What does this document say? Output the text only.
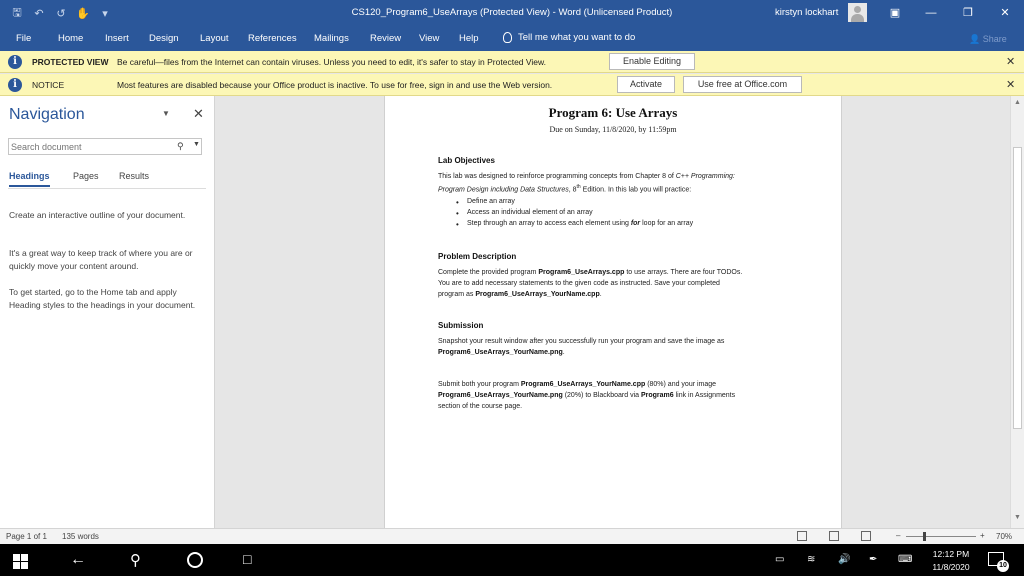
🖫 ↶ ↺ ✋	▾	CS120_Program6_UseArrays (Protected View) - Word (Unlicensed Product)	kirstyn lockhart	▣	—	❐	✕
File	Home Insert Design Layout References Mailings Review View Help	Tell me what you want to do	👤 Share
i	PROTECTED VIEW Be careful—files from the Internet can contain viruses. Unless you need to edit, it's safer to stay in Protected View.	Enable Editing	✕
i	NOTICE	Most features are disabled because your Office product is inactive. To use for free, sign in and use the Web version.	Activate	Use free at Office.com	✕
Navigation	▼ ✕
Search document
⚲ ▼
Headings	Pages Results
Create an interactive outline of your document.
It's a great way to keep track of where you are or quickly move your content around.
To get started, go to the Home tab and apply Heading styles to the headings in your document.
Program 6: Use Arrays
Due on Sunday, 11/8/2020, by 11:59pm
Lab Objectives
This lab was designed to reinforce programming concepts from Chapter 8 of C++ Programming:
Program Design including Data Structures, 8th Edition. In this lab you will practice:
• Define an array
• Access an individual element of an array
• Step through an array to access each element using for loop for an array
Problem Description
Complete the provided program Program6_UseArrays.cpp to use arrays. There are four TODOs.
You are to add necessary statements to the given code as instructed. Save your completed
program as Program6_UseArrays_YourName.cpp.
Submission
Snapshot your result window after you successfully run your program and save the image as
Program6_UseArrays_YourName.png.
Submit both your program Program6_UseArrays_YourName.cpp (80%) and your image
Program6_UseArrays_YourName.png (20%) to Blackboard via Program6 link in Assignments
section of the course page.
▲
▼
Page 1 of 1 135 words	–	+ 70%
←	⚲	□	▭ ≋ 🔊 ✒ ⌨	12:12 PM
11/8/2020	10
